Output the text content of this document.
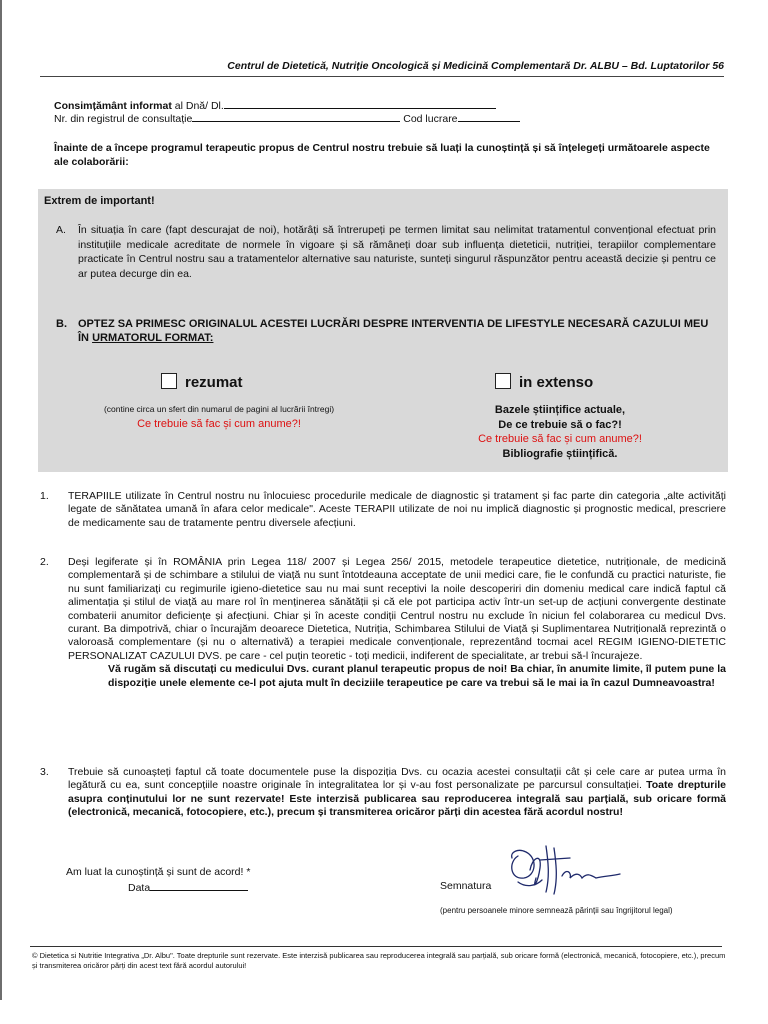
Centrul de Dietetică, Nutriție Oncologică și Medicină Complementară Dr. ALBU – Bd. Luptatorilor 56
Consimțământ informat al Dnă/ Dl.
Nr. din registrul de consultație	Cod lucrare
Înainte de a începe programul terapeutic propus de Centrul nostru trebuie să luați la cunoștință și să înțelegeți următoarele aspecte ale colaborării:
Extrem de important!
A.	În situația în care (fapt descurajat de noi), hotărâți să întrerupeți pe termen limitat sau nelimitat tratamentul convențional efectuat prin instituțiile medicale acreditate de normele în vigoare și să rămâneți doar sub influența dieteticii, nutriției, terapiilor complementare practicate în Centrul nostru sau a tratamentelor alternative sau naturiste, sunteți singurul răspunzător pentru această decizie și pentru ce ar putea decurge din ea.
B.	OPTEZ SA PRIMESC ORIGINALUL ACESTEI LUCRĂRI DESPRE INTERVENTIA DE LIFESTYLE NECESARĂ CAZULUI MEU ÎN URMATORUL FORMAT:
rezumat	in extenso
(contine circa un sfert din numarul de pagini al lucrării întregi)
Ce trebuie să fac și cum anume?!
Bazele științifice actuale,
De ce trebuie să o fac?!
Ce trebuie să fac și cum anume?!
Bibliografie științifică.
1.	TERAPIILE utilizate în Centrul nostru nu înlocuiesc procedurile medicale de diagnostic și tratament și fac parte din categoria „alte activități legate de sănătatea umană în afara celor medicale". Aceste TERAPII utilizate de noi nu implică diagnostic și prognostic medical, prescriere de medicamente sau de tratamente pentru diversele afecțiuni.
2.	Deși legiferate și în ROMÂNIA prin Legea 118/ 2007 și Legea 256/ 2015, metodele terapeutice dietetice, nutriționale, de medicină complementară și de schimbare a stilului de viață nu sunt întotdeauna acceptate de unii medici care, fie le confundă cu practici naturiste, fie nu sunt familiarizați cu regimurile igieno-dietetice sau nu mai sunt receptivi la noile descoperiri din domeniu medical care indică faptul că alimentația și stilul de viață au mare rol în menținerea sănătății și că ele pot participa activ într-un set-up de acțiuni convergente destinate combaterii anumitor deficiențe și afecțiuni. Chiar și în aceste condiții Centrul nostru nu exclude în niciun fel colaborarea cu medicul Dvs. curant. Ba dimpotrivă, chiar o încurajăm deoarece Dietetica, Nutriția, Schimbarea Stilului de Viață și Suplimentarea Nutrițională reprezintă o valoroasă complementare (și nu o alternativă) a terapiei medicale convenționale, reprezentând tocmai acel REGIM IGIENO-DIETETIC PERSONALIZAT CAZULUI DVS. pe care - cel puțin teoretic - toți medicii, indiferent de specialitate, ar trebui să-l încurajeze.
Vă rugăm să discutați cu medicului Dvs. curant planul terapeutic propus de noi! Ba chiar, în anumite limite, îl putem pune la dispoziție unele elemente ce-l pot ajuta mult în deciziile terapeutice pe care va trebui să le mai ia în cazul Dumneavoastra!
3.	Trebuie să cunoașteți faptul că toate documentele puse la dispoziția Dvs. cu ocazia acestei consultații cât și cele care ar putea urma în legătură cu ea, sunt concepțiile noastre originale în integralitatea lor și v-au fost personalizate pe parcursul consultației. Toate drepturile asupra conținutului lor ne sunt rezervate! Este interzisă publicarea sau reproducerea integrală sau parțială, sub oricare formă (electronică, mecanică, fotocopiere, etc.), precum și transmiterea oricăror părți din acestea fără acordul nostru!
Am luat la cunoștință și sunt de acord! *
Data	Semnatura
(pentru persoanele minore semnează părinții sau îngrijitorul legal)
© Dietetica si Nutritie Integrativa „Dr. Albu". Toate drepturile sunt rezervate. Este interzisă publicarea sau reproducerea integrală sau parțială, sub oricare formă (electronică, mecanică, fotocopiere, etc.), precum și transmiterea oricăror părți din acest text fără acordul autorului!
